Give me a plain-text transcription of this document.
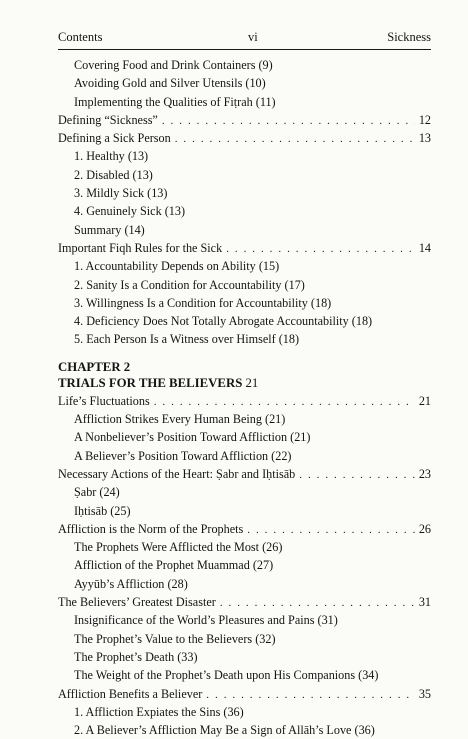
Contents	vi	Sickness
Covering Food and Drink Containers (9)
Avoiding Gold and Silver Utensils (10)
Implementing the Qualities of Fiṭrah (11)
Defining “Sickness” . . .	12
Defining a Sick Person . . .	13
1. Healthy (13)
2. Disabled (13)
3. Mildly Sick (13)
4. Genuinely Sick (13)
Summary (14)
Important Fiqh Rules for the Sick . . .	14
1. Accountability Depends on Ability (15)
2. Sanity Is a Condition for Accountability (17)
3. Willingness Is a Condition for Accountability (18)
4. Deficiency Does Not Totally Abrogate Accountability (18)
5. Each Person Is a Witness over Himself (18)
CHAPTER 2
TRIALS FOR THE BELIEVERS 21
Life’s Fluctuations . . .	21
Affliction Strikes Every Human Being (21)
A Nonbeliever’s Position Toward Affliction (21)
A Believer’s Position Toward Affliction (22)
Necessary Actions of the Heart: Ṣabr and Iḥtisāb . . .	23
Ṣabr (24)
Iḥtisāb (25)
Affliction is the Norm of the Prophets . . .	26
The Prophets Were Afflicted the Most (26)
Affliction of the Prophet Muammad (27)
Ayyūb’s Affliction (28)
The Believers’ Greatest Disaster . . .	31
Insignificance of the World’s Pleasures and Pains (31)
The Prophet’s Value to the Believers (32)
The Prophet’s Death (33)
The Weight of the Prophet’s Death upon His Companions (34)
Affliction Benefits a Believer . . .	35
1. Affliction Expiates the Sins (36)
2. A Believer’s Affliction May Be a Sign of Allāh’s Love (36)
